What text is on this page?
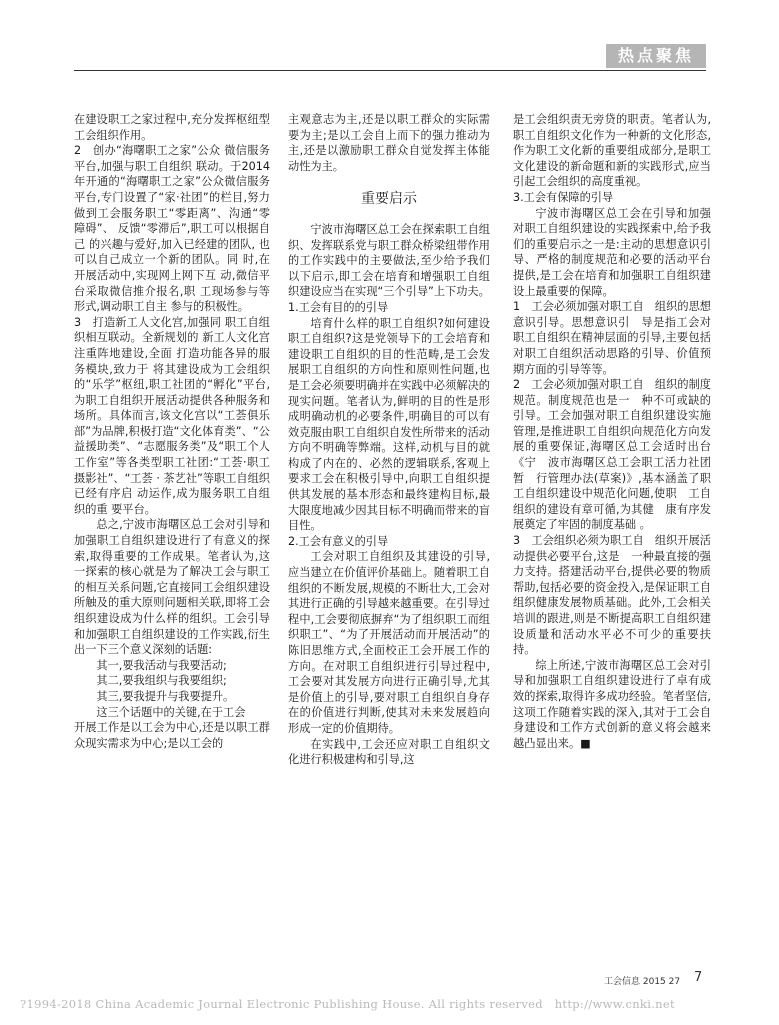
热点聚焦

在建设职工之家过程中,充分发挥枢纽型工会组织作用。

2　创办“海曙职工之家”公众 微信服务平台,加强与职工自组织 联动。于2014年开通的“海曙职工之家”公众微信服务平台,专门设置了“家·社团”的栏目,努力做到工会服务职工“零距离”、沟通“零障碍”、 反馈“零滞后”,职工可以根据自 己 的兴趣与爱好,加入已经建的团队, 也可以自己成立一个新的团队。同 时,在开展活动中,实现网上网下互 动,微信平台采取微信推介报名,职 工现场参与等形式,调动职工自主 参与的积极性。

3　打造新工人文化宫,加强同 职工自组织相互联动。全新规划的 新工人文化宫注重阵地建设,全面 打造功能各异的服务模块,致力于 将其建设成为工会组织的“乐学”枢纽,职工社团的“孵化”平台,为职工自组织开展活动提供各种服务和场所。具体而言,该文化宫以“工荟俱乐部”为品牌,积极打造“文化体育类”、“公益援助类”、“志愿服务类”及“职工个人工作室”等各类型职工社团:“工荟·职工摄影社”、“工荟 · 茶艺社”等职工自组织已经有序启 动运作,成为服务职工自组织的重 要平台。

总之,宁波市海曙区总工会对引导和加强职工自组织建设进行了有意义的探索,取得重要的工作成果。笔者认为,这一探索的核心就是为了解决工会与职工的相互关系问题,它直接同工会组织建设所触及的重大原则问题相关联,即将工会组织建设成为什么样的组织。工会引导和加强职工自组织建设的工作实践,衍生出一下三个意义深刻的话题:

其一,要我活动与我要活动;

其二,要我组织与我要组织;

其三,要我提升与我要提升。

这三个话题中的关键,在于工会

开展工作是以工会为中心,还是以职工群众现实需求为中心;是以工会的

主观意志为主,还是以职工群众的实际需要为主;是以工会自上而下的强力推动为主,还是以激励职工群众自觉发挥主体能动性为主。

重要启示

宁波市海曙区总工会在探索职工自组织、发挥联系党与职工群众桥梁纽带作用的工作实践中的主要做法,至少给予我们以下启示,即工会在培育和增强职工自组织建设应当在实现“三个引导”上下功夫。

1.工会有目的的引导

培育什么样的职工自组织?如何建设职工自组织?这是党领导下的工会培育和建设职工自组织的目的性范畴,是工会发展职工自组织的方向性和原则性问题,也是工会必须要明确并在实践中必须解决的现实问题。笔者认为,鲜明的目的性是形成明确动机的必要条件,明确目的可以有效克服由职工自组织自发性所带来的活动方向不明确等弊端。这样,动机与目的就构成了内在的、必然的逻辑联系,客观上要求工会在积极引导中,向职工自组织提供其发展的基本形态和最终建构目标,最大限度地减少因其目标不明确而带来的盲目性。

2.工会有意义的引导

工会对职工自组织及其建设的引导,应当建立在价值评价基础上。随着职工自组织的不断发展,规模的不断壮大,工会对其进行正确的引导越来越重要。在引导过程中,工会要彻底摒弃“为了组织职工而组织职工”、“为了开展活动而开展活动”的陈旧思维方式,全面校正工会开展工作的方向。在对职工自组织进行引导过程中,工会要对其发展方向进行正确引导,尤其是价值上的引导,要对职工自组织自身存在的价值进行判断,使其对未来发展趋向形成一定的价值期待。

在实践中,工会还应对职工自组织文化进行积极建构和引导,这

是工会组织责无旁贷的职责。笔者认为,职工自组织文化作为一种新的文化形态,作为职工文化新的重要组成部分,是职工文化建设的新命题和新的实践形式,应当引起工会组织的高度重视。

3.工会有保障的引导

宁波市海曙区总工会在引导和加强对职工自组织建设的实践探索中,给予我们的重要启示之一是:主动的思想意识引导、严格的制度规范和必要的活动平台提供,是工会在培育和加强职工自组织建设上最重要的保障。

1　工会必须加强对职工自　组织的思想意识引导。思想意识引　导是指工会对职工自组织在精神层面的引导,主要包括对职工自组织活动思路的引导、价值预期方面的引导等等。

2　工会必须加强对职工自　组织的制度规范。制度规范也是一　种不可或缺的引导。工会加强对职工自组织建设实施管理,是推进职工自组织向规范化方向发展的重要保证,海曙区总工会适时出台《宁　波市海曙区总工会职工活力社团暂　行管理办法(草案)》,基本涵盖了职　工自组织建设中规范化问题,使职　工自组织的建设有章可循,为其健　康有序发展奠定了牢固的制度基础 。

3　工会组织必须为职工自　组织开展活动提供必要平台,这是　一种最直接的强力支持。搭建活动平台,提供必要的物质帮助,包括必要的资金投入,是保证职工自组织健康发展物质基础。此外,工会相关培训的跟进,则是不断提高职工自组织建设质量和活动水平必不可少的重要扶持。

综上所述,宁波市海曙区总工会对引导和加强职工自组织建设进行了卓有成效的探索,取得许多成功经验。笔者坚信,这项工作随着实践的深入,其对于工会自身建设和工作方式创新的意义将会越来越凸显出来。■

工会信息 2015 27 7
?1994-2018 China Academic Journal Electronic Publishing House. All rights reserved　http://www.cnki.net
